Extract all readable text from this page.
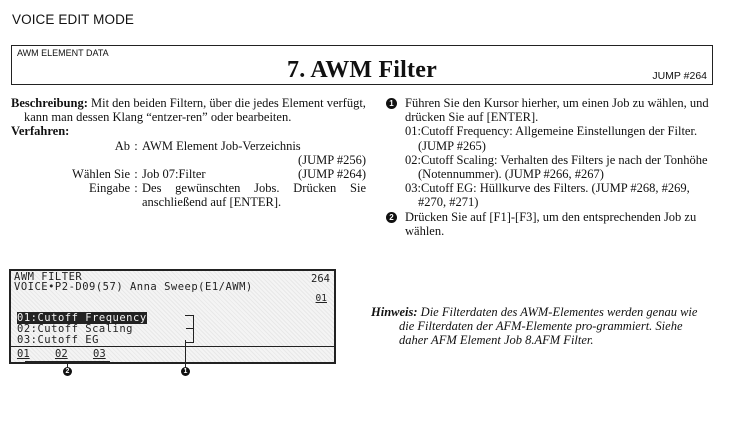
VOICE EDIT MODE
AWM ELEMENT DATA
7. AWM Filter	JUMP #264

Beschreibung: Mit den beiden Filtern, über die jedes Element verfügt, kann man dessen Klang “entzer-ren” oder bearbeiten.

Verfahren:

Ab : AWM Element Job-Verzeichnis
(JUMP #256)
Wählen Sie : Job 07:Filter	(JUMP #264)
Eingabe : Des gewünschten Jobs. Drücken Sie anschließend auf [ENTER].
AWM FILTER	264
VOICE•P2-D09(57) Anna Sweep(E1/AWM)
01
01:Cutoff Frequency
02:Cutoff Scaling
03:Cutoff EG
01	02	03
2	1
1 Führen Sie den Kursor hierher, um einen Job zu wählen, und drücken Sie auf [ENTER].

01:Cutoff Frequency: Allgemeine Einstellungen der Filter. (JUMP #265)

02:Cutoff Scaling: Verhalten des Filters je nach der Tonhöhe (Notennummer). (JUMP #266, #267)

03:Cutoff EG: Hüllkurve des Filters. (JUMP #268, #269, #270, #271)

2 Drücken Sie auf [F1]-[F3], um den entsprechenden Job zu wählen.

Hinweis: Die Filterdaten des AWM-Elementes werden genau wie die Filterdaten der AFM-Elemente pro-grammiert. Siehe daher AFM Element Job 8.AFM Filter.
